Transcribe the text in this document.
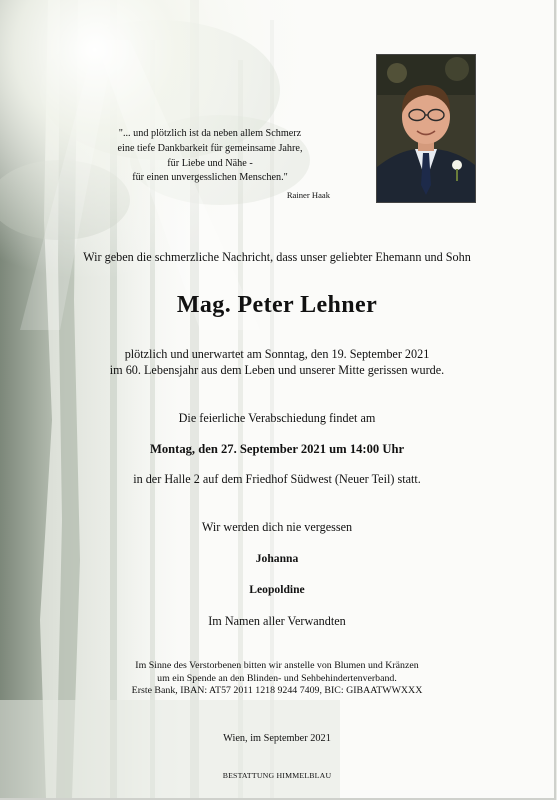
"... und plötzlich ist da neben allem Schmerz
eine tiefe Dankbarkeit für gemeinsame Jahre,
für Liebe und Nähe -
für einen unvergesslichen Menschen."
Rainer Haak
Wir geben die schmerzliche Nachricht, dass unser geliebter Ehemann und Sohn
Mag. Peter Lehner
plötzlich und unerwartet am Sonntag, den 19. September 2021
im 60. Lebensjahr aus dem Leben und unserer Mitte gerissen wurde.
Die feierliche Verabschiedung findet am
Montag, den 27. September 2021 um 14:00 Uhr
in der Halle 2 auf dem Friedhof Südwest (Neuer Teil) statt.
Wir werden dich nie vergessen
Johanna
Leopoldine
Im Namen aller Verwandten
Im Sinne des Verstorbenen bitten wir anstelle von Blumen und Kränzen
um ein Spende an den Blinden- und Sehbehindertenverband.
Erste Bank, IBAN: AT57 2011 1218 9244 7409, BIC: GIBAATWWXXX
Wien, im September 2021
BESTATTUNG HIMMELBLAU
